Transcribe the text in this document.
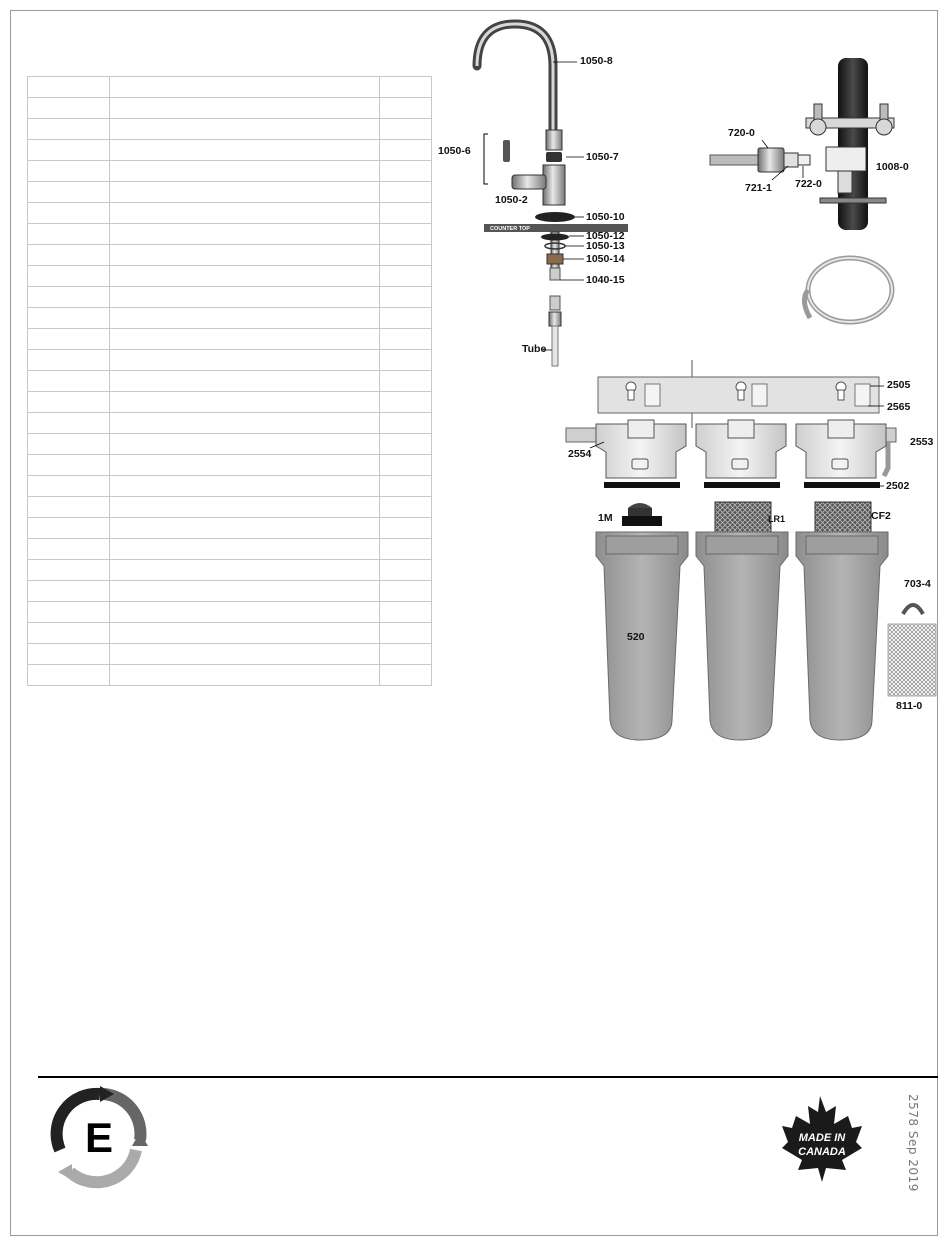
COUNTER TOP
E	MADE IN
CANADA
1050-8
1050-6	1050-7
1050-2
1050-10
1050-12
1050-13
1050-14
1040-15
Tube
720-0
1008-0
721-1 722-0
2505
2565
2553
2554
2502
1M	LR1	CF2
520
703-4
811-0
2578 Sep 2019
